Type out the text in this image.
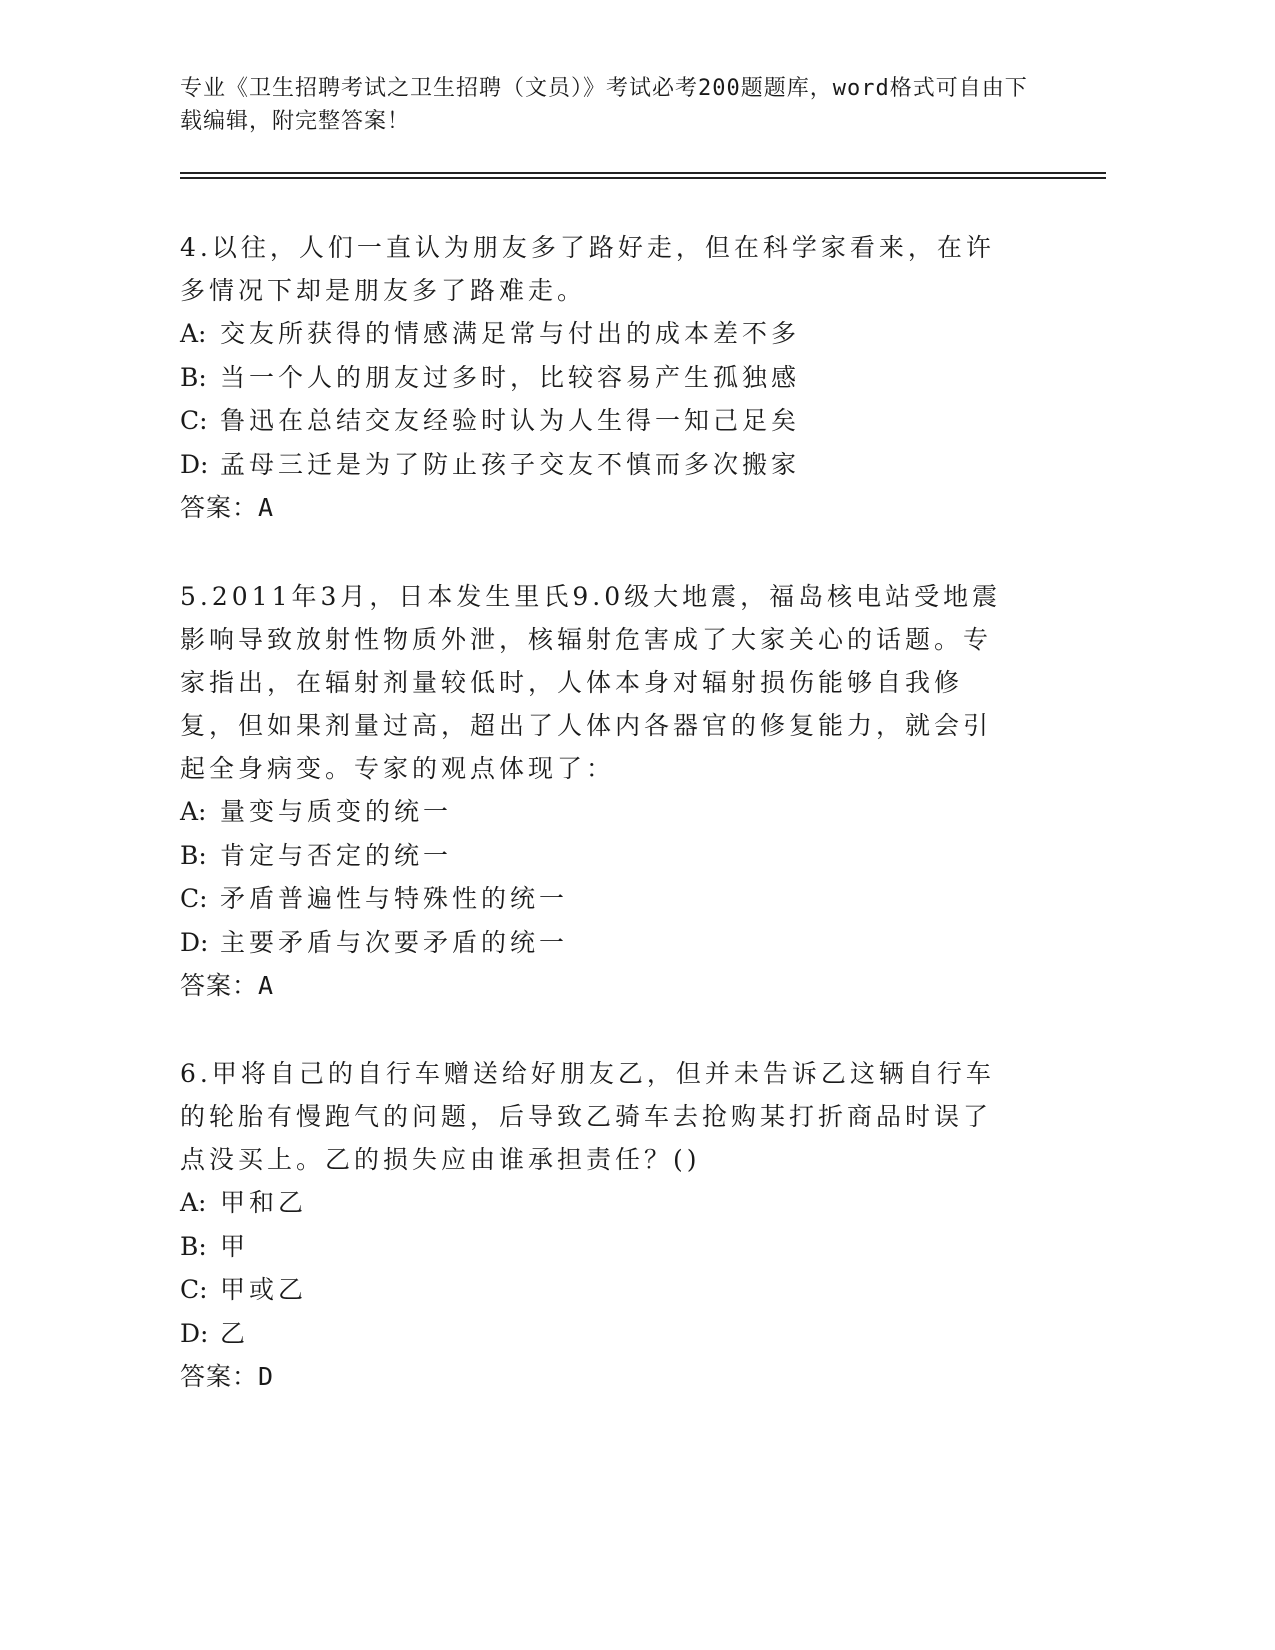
专业《卫生招聘考试之卫生招聘（文员）》考试必考200题题库，word格式可自由下载编辑，附完整答案！

4.以往，人们一直认为朋友多了路好走，但在科学家看来，在许多情况下却是朋友多了路难走。

A: 交友所获得的情感满足常与付出的成本差不多

B: 当一个人的朋友过多时，比较容易产生孤独感

C: 鲁迅在总结交友经验时认为人生得一知己足矣

D: 孟母三迁是为了防止孩子交友不慎而多次搬家

答案：A

5.2011年3月，日本发生里氏9.0级大地震，福岛核电站受地震影响导致放射性物质外泄，核辐射危害成了大家关心的话题。专家指出，在辐射剂量较低时，人体本身对辐射损伤能够自我修复，但如果剂量过高，超出了人体内各器官的修复能力，就会引起全身病变。专家的观点体现了：

A: 量变与质变的统一

B: 肯定与否定的统一

C: 矛盾普遍性与特殊性的统一

D: 主要矛盾与次要矛盾的统一

答案：A

6.甲将自己的自行车赠送给好朋友乙，但并未告诉乙这辆自行车的轮胎有慢跑气的问题，后导致乙骑车去抢购某打折商品时误了点没买上。乙的损失应由谁承担责任？()

A: 甲和乙

B: 甲

C: 甲或乙

D: 乙

答案：D
